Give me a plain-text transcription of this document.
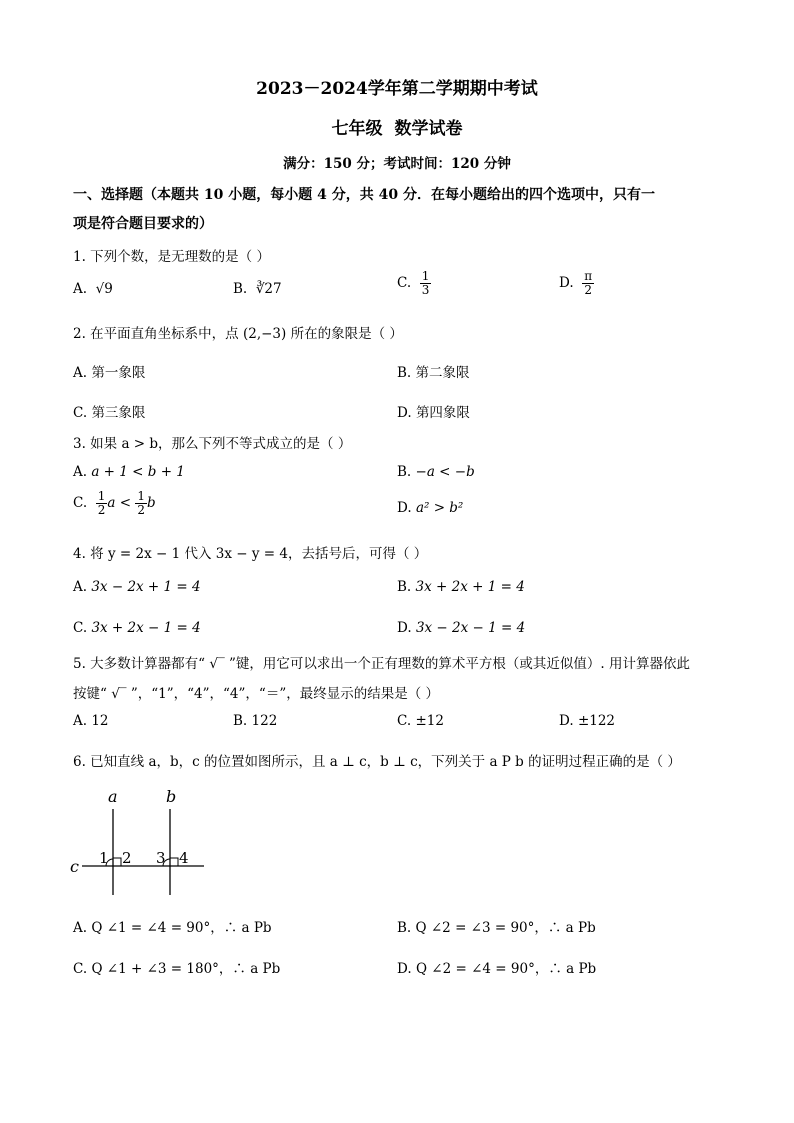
2023－2024学年第二学期期中考试
七年级 数学试卷
满分：150 分；考试时间：120 分钟
一、选择题（本题共 10 小题，每小题 4 分，共 40 分．在每小题给出的四个选项中，只有一
项是符合题目要求的）
1. 下列个数，是无理数的是（ ）
A. √9	B. ∛27	C. $\frac{1}{3}$	D. $\frac{\pi}{2}$
2. 在平面直角坐标系中，点 (2,−3) 所在的象限是（ ）
A. 第一象限	B. 第二象限
C. 第三象限	D. 第四象限
3. 如果 a > b，那么下列不等式成立的是（ ）
A. a + 1 < b + 1	B. −a < −b
C. $\frac{1}{2}$ $a < \frac{1}{2}$ b	D. a² > b²
4. 将 y = 2x − 1 代入 3x − y = 4，去括号后，可得（ ）
A. 3x − 2x + 1 = 4	B. 3x + 2x + 1 = 4
C. 3x + 2x − 1 = 4	D. 3x − 2x − 1 = 4
5. 大多数计算器都有“ √‾ ”键，用它可以求出一个正有理数的算术平方根（或其近似值）. 用计算器依此
按键“ √‾ ”，“1”，“4”，“4”，“＝”，最终显示的结果是（ ）
A. 12	B. 122	C. ±12	D. ±122
6. 已知直线 a，b，c 的位置如图所示，且 a ⊥ c，b ⊥ c，下列关于 a P b 的证明过程正确的是（ ）
a	b
c 1 2 3 4
A. Q ∠1 = ∠4 = 90°，∴ a Pb	B. Q ∠2 = ∠3 = 90°，∴ a Pb
C. Q ∠1 + ∠3 = 180°，∴ a Pb	D. Q ∠2 = ∠4 = 90°，∴ a Pb
